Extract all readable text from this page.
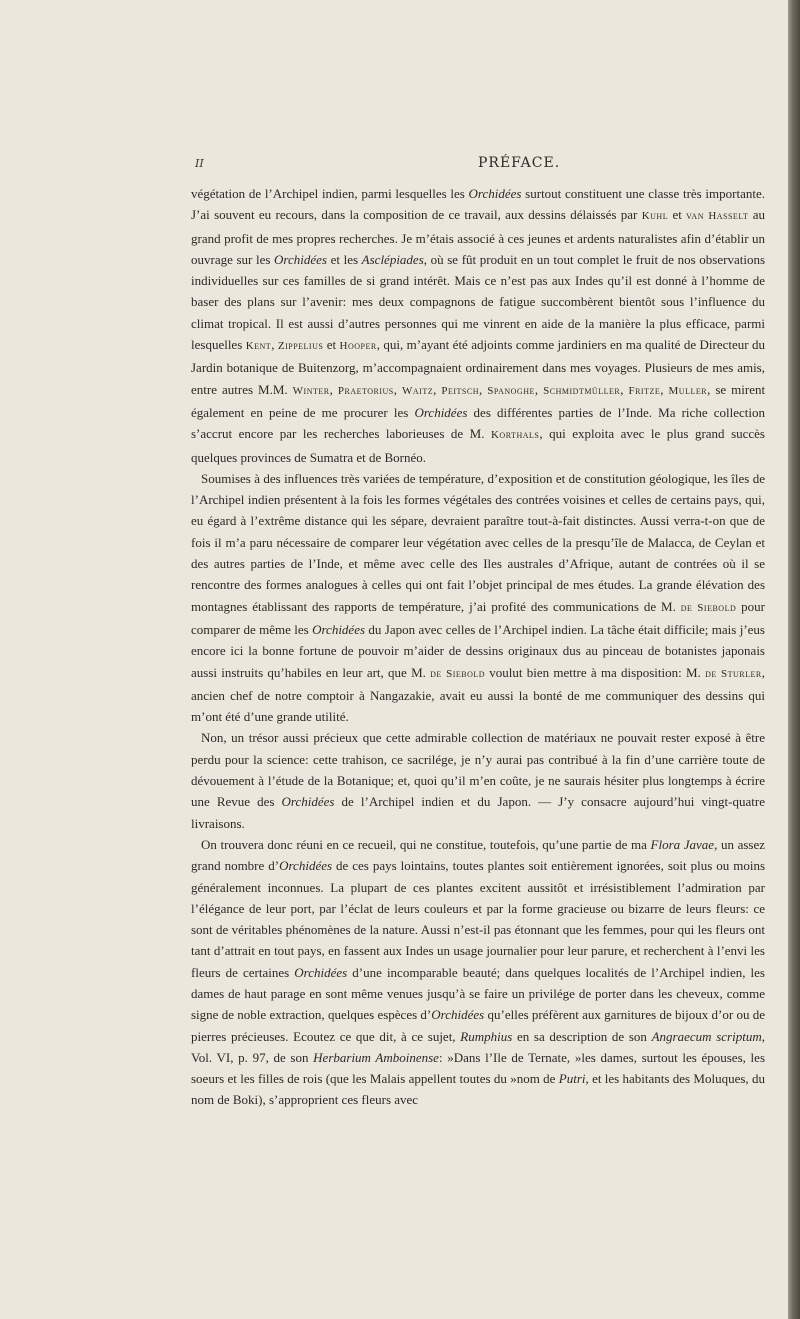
II	PRÉFACE.

végétation de l’Archipel indien, parmi lesquelles les Orchidées surtout constituent une classe très importante. J’ai souvent eu recours, dans la composition de ce travail, aux dessins délaissés par Kuhl et van Hasselt au grand profit de mes propres recherches. Je m’étais associé à ces jeunes et ardents naturalistes afin d’établir un ouvrage sur les Orchidées et les Asclépiades, où se fût produit en un tout complet le fruit de nos observations individuelles sur ces familles de si grand intérêt. Mais ce n’est pas aux Indes qu’il est donné à l’homme de baser des plans sur l’avenir: mes deux compagnons de fatigue succombèrent bientôt sous l’influence du climat tropical. Il est aussi d’autres personnes qui me vinrent en aide de la manière la plus efficace, parmi lesquelles Kent, Zippelius et Hooper, qui, m’ayant été adjoints comme jardiniers en ma qualité de Directeur du Jardin botanique de Buitenzorg, m’accompagnaient ordinairement dans mes voyages. Plusieurs de mes amis, entre autres M.M. Winter, Praetorius, Waitz, Peitsch, Spanoghe, Schmidtmüller, Fritze, Muller, se mirent également en peine de me procurer les Orchidées des différentes parties de l’Inde. Ma riche collection s’accrut encore par les recherches laborieuses de M. Korthals, qui exploita avec le plus grand succès quelques provinces de Sumatra et de Bornéo.

Soumises à des influences très variées de température, d’exposition et de constitution géologique, les îles de l’Archipel indien présentent à la fois les formes végétales des contrées voisines et celles de certains pays, qui, eu égard à l’extrême distance qui les sépare, devraient paraître tout-à-fait distinctes. Aussi verra-t-on que de fois il m’a paru nécessaire de comparer leur végétation avec celles de la presqu’île de Malacca, de Ceylan et des autres parties de l’Inde, et même avec celle des Iles australes d’Afrique, autant de contrées où il se rencontre des formes analogues à celles qui ont fait l’objet principal de mes études. La grande élévation des montagnes établissant des rapports de température, j’ai profité des communications de M. de Siebold pour comparer de même les Orchidées du Japon avec celles de l’Archipel indien. La tâche était difficile; mais j’eus encore ici la bonne fortune de pouvoir m’aider de dessins originaux dus au pinceau de botanistes japonais aussi instruits qu’habiles en leur art, que M. de Siebold voulut bien mettre à ma disposition: M. de Sturler, ancien chef de notre comptoir à Nangazakie, avait eu aussi la bonté de me communiquer des dessins qui m’ont été d’une grande utilité.

Non, un trésor aussi précieux que cette admirable collection de matériaux ne pouvait rester exposé à être perdu pour la science: cette trahison, ce sacrilége, je n’y aurai pas contribué à la fin d’une carrière toute de dévouement à l’étude de la Botanique; et, quoi qu’il m’en coûte, je ne saurais hésiter plus longtemps à écrire une Revue des Orchidées de l’Archipel indien et du Japon. — J’y consacre aujourd’hui vingt-quatre livraisons.

On trouvera donc réuni en ce recueil, qui ne constitue, toutefois, qu’une partie de ma Flora Javae, un assez grand nombre d’Orchidées de ces pays lointains, toutes plantes soit entièrement ignorées, soit plus ou moins généralement inconnues. La plupart de ces plantes excitent aussitôt et irrésistiblement l’admiration par l’élégance de leur port, par l’éclat de leurs couleurs et par la forme gracieuse ou bizarre de leurs fleurs: ce sont de véritables phénomènes de la nature. Aussi n’est-il pas étonnant que les femmes, pour qui les fleurs ont tant d’attrait en tout pays, en fassent aux Indes un usage journalier pour leur parure, et recherchent à l’envi les fleurs de certaines Orchidées d’une incomparable beauté; dans quelques localités de l’Archipel indien, les dames de haut parage en sont même venues jusqu’à se faire un privilége de porter dans les cheveux, comme signe de noble extraction, quelques espèces d’Orchidées qu’elles préfèrent aux garnitures de bijoux d’or ou de pierres précieuses. Ecoutez ce que dit, à ce sujet, Rumphius en sa description de son Angraecum scriptum, Vol. VI, p. 97, de son Herbarium Amboinense: »Dans l’Ile de Ternate, »les dames, surtout les épouses, les soeurs et les filles de rois (que les Malais appellent toutes du »nom de Putri, et les habitants des Moluques, du nom de Boki), s’approprient ces fleurs avec
